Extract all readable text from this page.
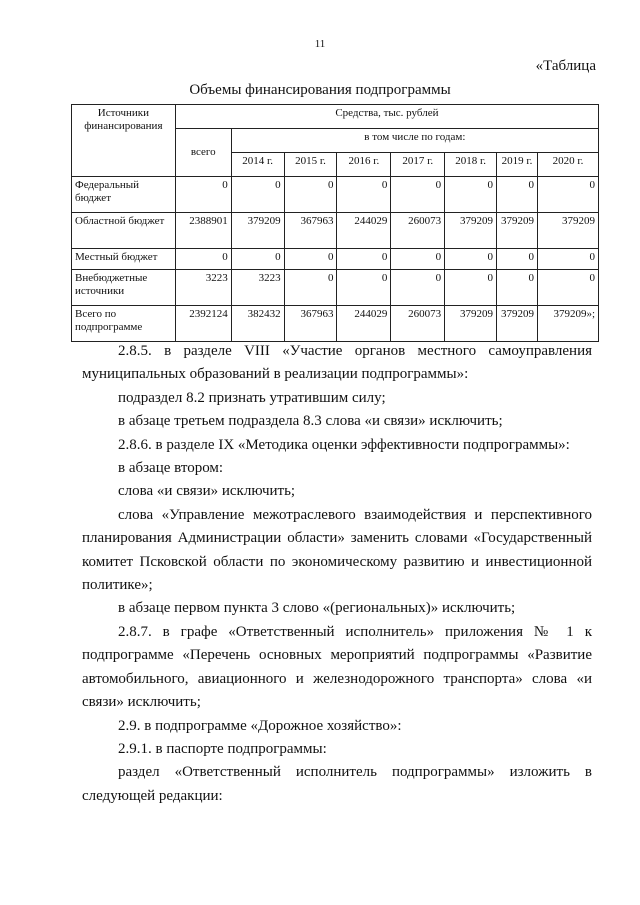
11
«Таблица
Объемы финансирования подпрограммы
Источники финансирования	Средства, тыс. рублей							
	всего	в том числе по годам:						
		2014 г.	2015 г.	2016 г.	2017 г.	2018 г.	2019 г.	2020 г.
Федеральный бюджет	0	0	0	0	0	0	0	0
Областной бюджет	2388901	379209	367963	244029	260073	379209	379209	379209
Местный бюджет	0	0	0	0	0	0	0	0
Внебюджетные источники	3223	3223	0	0	0	0	0	0
Всего по подпрограмме	2392124	382432	367963	244029	260073	379209	379209	379209»;

2.8.5. в разделе VIII «Участие органов местного самоуправления муниципальных образований в реализации подпрограммы»:

подраздел 8.2 признать утратившим силу;

в абзаце третьем подраздела 8.3 слова «и связи» исключить;

2.8.6. в разделе IX «Методика оценки эффективности подпрограммы»:

в абзаце втором:

слова «и связи» исключить;

слова «Управление межотраслевого взаимодействия и перспективного планирования Администрации области» заменить словами «Государственный комитет Псковской области по экономическому развитию и инвестиционной политике»;

в абзаце первом пункта 3 слово «(региональных)» исключить;

2.8.7. в графе «Ответственный исполнитель» приложения № 1 к подпрограмме «Перечень основных мероприятий подпрограммы «Развитие автомобильного, авиационного и железнодорожного транспорта» слова «и связи» исключить;

2.9. в подпрограмме «Дорожное хозяйство»:

2.9.1. в паспорте подпрограммы:

раздел «Ответственный исполнитель подпрограммы» изложить в следующей редакции:
